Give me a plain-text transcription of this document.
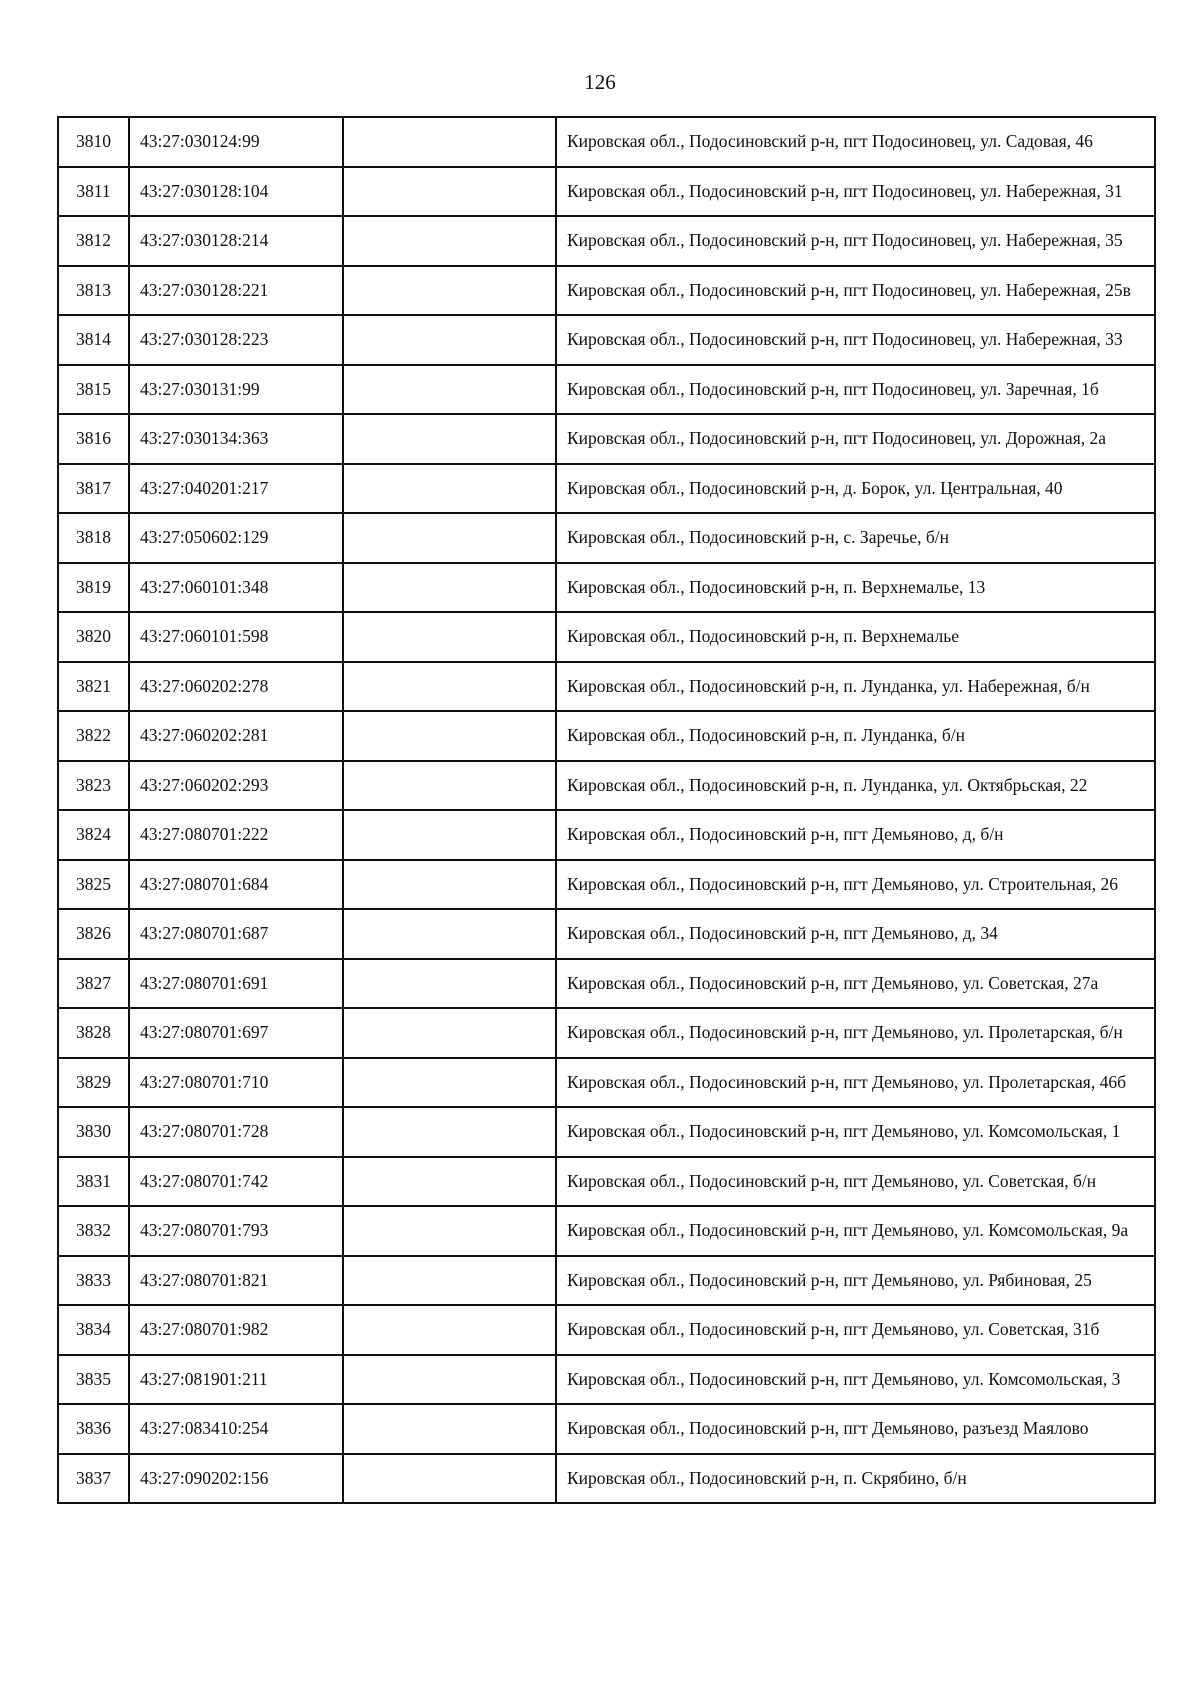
126
3810	43:27:030124:99		Кировская обл., Подосиновский р-н, пгт Подосиновец, ул. Садовая, 46
3811	43:27:030128:104		Кировская обл., Подосиновский р-н, пгт Подосиновец, ул. Набережная, 31
3812	43:27:030128:214		Кировская обл., Подосиновский р-н, пгт Подосиновец, ул. Набережная, 35
3813	43:27:030128:221		Кировская обл., Подосиновский р-н, пгт Подосиновец, ул. Набережная, 25в
3814	43:27:030128:223		Кировская обл., Подосиновский р-н, пгт Подосиновец, ул. Набережная, 33
3815	43:27:030131:99		Кировская обл., Подосиновский р-н, пгт Подосиновец, ул. Заречная, 1б
3816	43:27:030134:363		Кировская обл., Подосиновский р-н, пгт Подосиновец, ул. Дорожная, 2а
3817	43:27:040201:217		Кировская обл., Подосиновский р-н, д. Борок, ул. Центральная, 40
3818	43:27:050602:129		Кировская обл., Подосиновский р-н, с. Заречье, б/н
3819	43:27:060101:348		Кировская обл., Подосиновский р-н, п. Верхнемалье, 13
3820	43:27:060101:598		Кировская обл., Подосиновский р-н, п. Верхнемалье
3821	43:27:060202:278		Кировская обл., Подосиновский р-н, п. Лунданка, ул. Набережная, б/н
3822	43:27:060202:281		Кировская обл., Подосиновский р-н, п. Лунданка, б/н
3823	43:27:060202:293		Кировская обл., Подосиновский р-н, п. Лунданка, ул. Октябрьская, 22
3824	43:27:080701:222		Кировская обл., Подосиновский р-н, пгт Демьяново, д, б/н
3825	43:27:080701:684		Кировская обл., Подосиновский р-н, пгт Демьяново, ул. Строительная, 26
3826	43:27:080701:687		Кировская обл., Подосиновский р-н, пгт Демьяново, д, 34
3827	43:27:080701:691		Кировская обл., Подосиновский р-н, пгт Демьяново, ул. Советская, 27а
3828	43:27:080701:697		Кировская обл., Подосиновский р-н, пгт Демьяново, ул. Пролетарская, б/н
3829	43:27:080701:710		Кировская обл., Подосиновский р-н, пгт Демьяново, ул. Пролетарская, 46б
3830	43:27:080701:728		Кировская обл., Подосиновский р-н, пгт Демьяново, ул. Комсомольская, 1
3831	43:27:080701:742		Кировская обл., Подосиновский р-н, пгт Демьяново, ул. Советская, б/н
3832	43:27:080701:793		Кировская обл., Подосиновский р-н, пгт Демьяново, ул. Комсомольская, 9а
3833	43:27:080701:821		Кировская обл., Подосиновский р-н, пгт Демьяново, ул. Рябиновая, 25
3834	43:27:080701:982		Кировская обл., Подосиновский р-н, пгт Демьяново, ул. Советская, 31б
3835	43:27:081901:211		Кировская обл., Подосиновский р-н, пгт Демьяново, ул. Комсомольская, 3
3836	43:27:083410:254		Кировская обл., Подосиновский р-н, пгт Демьяново, разъезд Маялово
3837	43:27:090202:156		Кировская обл., Подосиновский р-н, п. Скрябино, б/н
